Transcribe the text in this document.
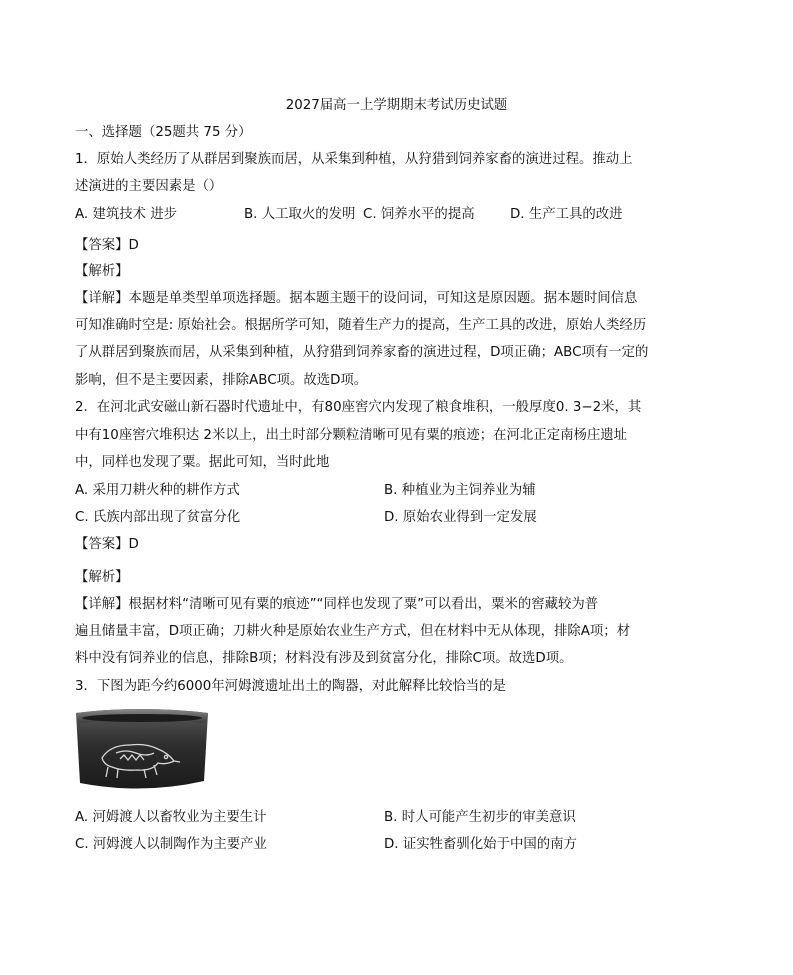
2027届高一上学期期末考试历史试题
一、选择题（25题共 75 分）
1．原始人类经历了从群居到聚族而居，从采集到种植，从狩猎到饲养家畜的演进过程。推动上
述演进的主要因素是（）
A. 建筑技术 进步	B. 人工取火的发明 C. 饲养水平的提高	D. 生产工具的改进
【答案】D
【解析】
【详解】本题是单类型单项选择题。据本题主题干的设问词，可知这是原因题。据本题时间信息
可知准确时空是: 原始社会。根据所学可知，随着生产力的提高，生产工具的改进，原始人类经历
了从群居到聚族而居，从采集到种植，从狩猎到饲养家畜的演进过程，D项正确；ABC项有一定的
影响，但不是主要因素，排除ABC项。故选D项。
2．在河北武安磁山新石器时代遗址中，有80座窖穴内发现了粮食堆积，一般厚度0. 3−2米，其
中有10座窖穴堆积达 2米以上，出土时部分颗粒清晰可见有粟的痕迹；在河北正定南杨庄遗址
中，同样也发现了粟。据此可知，当时此地
A. 采用刀耕火种的耕作方式	B. 种植业为主饲养业为辅
C. 氏族内部出现了贫富分化	D. 原始农业得到一定发展
【答案】D
【解析】
【详解】根据材料“清晰可见有粟的痕迹”“同样也发现了粟”可以看出，粟米的窖藏较为普
遍且储量丰富，D项正确；刀耕火种是原始农业生产方式，但在材料中无从体现，排除A项；材
料中没有饲养业的信息，排除B项；材料没有涉及到贫富分化，排除C项。故选D项。
3．下图为距今约6000年河姆渡遗址出土的陶器，对此解释比较恰当的是
A. 河姆渡人以畜牧业为主要生计	B. 时人可能产生初步的审美意识
C. 河姆渡人以制陶作为主要产业	D. 证实牲畜驯化始于中国的南方
